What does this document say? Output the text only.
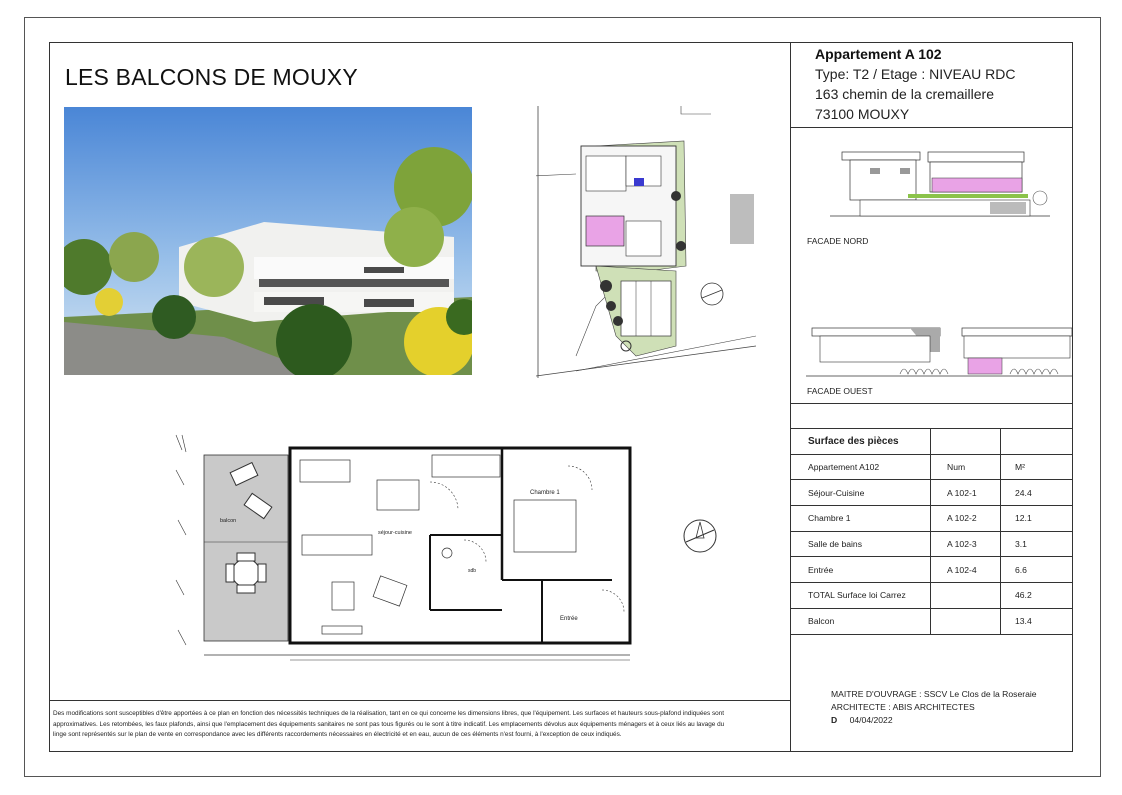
LES BALCONS DE MOUXY
balcon
séjour-cuisine
Chambre 1
Entrée
sdb
Des modifications sont susceptibles d'être apportées à ce plan en fonction des nécessités techniques de la réalisation, tant en ce qui concerne les dimensions libres, que l'équipement. Les surfaces et hauteurs sous-plafond indiquées sont approximatives. Les retombées, les faux plafonds, ainsi que l'emplacement des équipements sanitaires ne sont pas tous figurés ou le sont à titre indicatif. Les emplacements dévolus aux équipements ménagers et à ceux liés au lavage du linge sont représentés sur le plan de vente en correspondance avec les différents raccordements nécessaires en électricité et en eau, aucun de ces éléments n'est fourni, à l'exception de ceux indiqués.
Appartement A 102
Type: T2 / Etage : NIVEAU RDC
163 chemin de la cremaillere
73100 MOUXY
FACADE NORD
FACADE OUEST
Surface des pièces		
Appartement A102	Num	M²
Séjour-Cuisine	A 102-1	24.4
Chambre 1	A 102-2	12.1
Salle de bains	A 102-3	3.1
Entrée	A 102-4	6.6
TOTAL Surface loi Carrez		46.2
Balcon		13.4
MAITRE D'OUVRAGE : SSCV Le Clos de la Roseraie
ARCHITECTE : ABIS ARCHITECTES
D 04/04/2022
